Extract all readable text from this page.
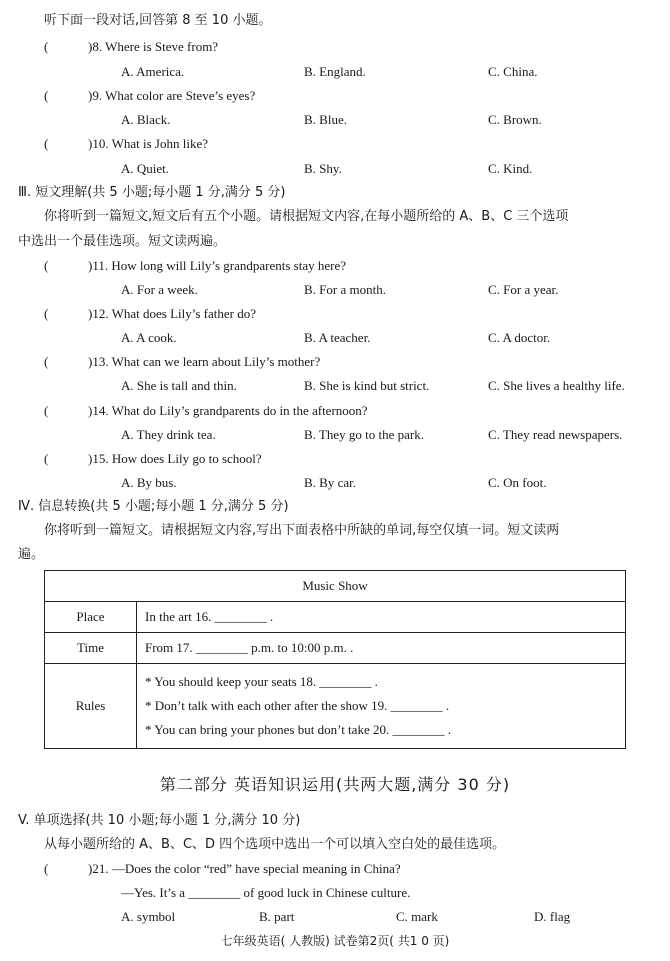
听下面一段对话,回答第 8 至 10 小题。
(	)8. Where is Steve from?
A. America.	B. England.	C. China.
(	)9. What color are Steve’s eyes?
A. Black.	B. Blue.	C. Brown.
(	)10. What is John like?
A. Quiet.	B. Shy.	C. Kind.
Ⅲ. 短文理解(共 5 小题;每小题 1 分,满分 5 分)
你将听到一篇短文,短文后有五个小题。请根据短文内容,在每小题所给的 A、B、C 三个选项
中选出一个最佳选项。短文读两遍。
(	)11. How long will Lily’s grandparents stay here?
A. For a week.	B. For a month.	C. For a year.
(	)12. What does Lily’s father do?
A. A cook.	B. A teacher.	C. A doctor.
(	)13. What can we learn about Lily’s mother?
A. She is tall and thin.	B. She is kind but strict.	C. She lives a healthy life.
(	)14. What do Lily’s grandparents do in the afternoon?
A. They drink tea.	B. They go to the park.	C. They read newspapers.
(	)15. How does Lily go to school?
A. By bus.	B. By car.	C. On foot.
Ⅳ. 信息转换(共 5 小题;每小题 1 分,满分 5 分)
你将听到一篇短文。请根据短文内容,写出下面表格中所缺的单词,每空仅填一词。短文读两
遍。
Music Show	
Place	In the art 16. ________ .
Time	From 17. ________ p.m. to 10:00 p.m. .
Rules	* You should keep your seats 18. ________ .
* Don’t talk with each other after the show 19. ________ .
* You can bring your phones but don’t take 20. ________ .
第二部分 英语知识运用(共两大题,满分 30 分)
V. 单项选择(共 10 小题;每小题 1 分,满分 10 分)
从每小题所给的 A、B、C、D 四个选项中选出一个可以填入空白处的最佳选项。
(	)21. —Does the color “red” have special meaning in China?
—Yes. It’s a ________ of good luck in Chinese culture.
A. symbol	B. part	C. mark	D. flag
七年级英语( 人教版) 试卷第2页( 共1 0 页)
